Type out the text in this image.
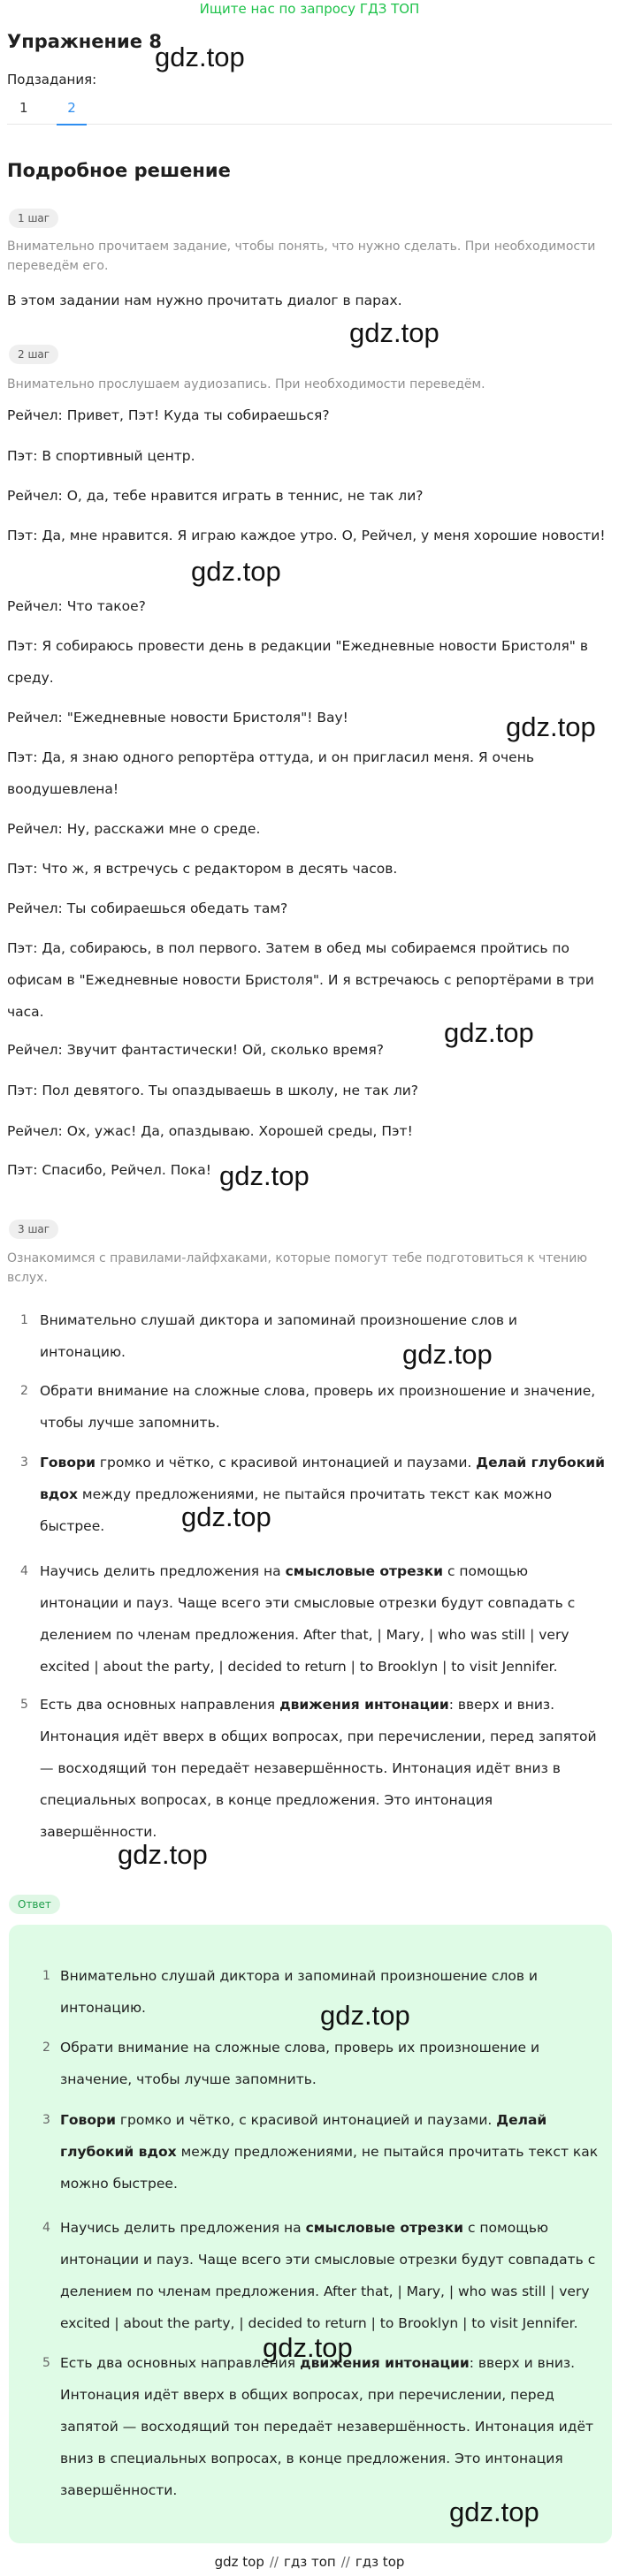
Ищите нас по запросу ГДЗ ТОП
Упражнение 8
Подзадания:
1	2
Подробное решение
1 шаг
Внимательно прочитаем задание, чтобы понять, что нужно сделать. При необходимости переведём его.
В этом задании нам нужно прочитать диалог в парах.
2 шаг
Внимательно прослушаем аудиозапись. При необходимости переведём.
Рейчел: Привет, Пэт! Куда ты собираешься?
Пэт: В спортивный центр.
Рейчел: О, да, тебе нравится играть в теннис, не так ли?
Пэт: Да, мне нравится. Я играю каждое утро. О, Рейчел, у меня хорошие новости!
Рейчел: Что такое?
Пэт: Я собираюсь провести день в редакции "Ежедневные новости Бристоля" в среду.
Рейчел: "Ежедневные новости Бристоля"! Вау!
Пэт: Да, я знаю одного репортёра оттуда, и он пригласил меня. Я очень воодушевлена!
Рейчел: Ну, расскажи мне о среде.
Пэт: Что ж, я встречусь с редактором в десять часов.
Рейчел: Ты собираешься обедать там?
Пэт: Да, собираюсь, в пол первого. Затем в обед мы собираемся пройтись по офисам в "Ежедневные новости Бристоля". И я встречаюсь с репортёрами в три часа.
Рейчел: Звучит фантастически! Ой, сколько время?
Пэт: Пол девятого. Ты опаздываешь в школу, не так ли?
Рейчел: Ох, ужас! Да, опаздываю. Хорошей среды, Пэт!
Пэт: Спасибо, Рейчел. Пока!
3 шаг
Ознакомимся с правилами-лайфхаками, которые помогут тебе подготовиться к чтению вслух.
1 Внимательно слушай диктора и запоминай произношение слов и интонацию.
2 Обрати внимание на сложные слова, проверь их произношение и значение, чтобы лучше запомнить.
3 Говори громко и чётко, с красивой интонацией и паузами. Делай глубокий вдох между предложениями, не пытайся прочитать текст как можно быстрее.
4 Научись делить предложения на смысловые отрезки с помощью интонации и пауз. Чаще всего эти смысловые отрезки будут совпадать с делением по членам предложения. After that, | Mary, | who was still | very excited | about the party, | decided to return | to Brooklyn | to visit Jennifer.
5 Есть два основных направления движения интонации: вверх и вниз. Интонация идёт вверх в общих вопросах, при перечислении, перед запятой — восходящий тон передаёт незавершённость. Интонация идёт вниз в специальных вопросах, в конце предложения. Это интонация завершённости.
Ответ
1 Внимательно слушай диктора и запоминай произношение слов и интонацию.
2 Обрати внимание на сложные слова, проверь их произношение и значение, чтобы лучше запомнить.
3 Говори громко и чётко, с красивой интонацией и паузами. Делай глубокий вдох между предложениями, не пытайся прочитать текст как можно быстрее.
4 Научись делить предложения на смысловые отрезки с помощью интонации и пауз. Чаще всего эти смысловые отрезки будут совпадать с делением по членам предложения. After that, | Mary, | who was still | very excited | about the party, | decided to return | to Brooklyn | to visit Jennifer.
5 Есть два основных направления движения интонации: вверх и вниз. Интонация идёт вверх в общих вопросах, при перечислении, перед запятой — восходящий тон передаёт незавершённость. Интонация идёт вниз в специальных вопросах, в конце предложения. Это интонация завершённости.
gdz.top
gdz.top
gdz.top
gdz.top
gdz.top
gdz.top
gdz.top
gdz.top
gdz.top
gdz.top
gdz.top
gdz.top
gdz top // гдз топ // гдз top
